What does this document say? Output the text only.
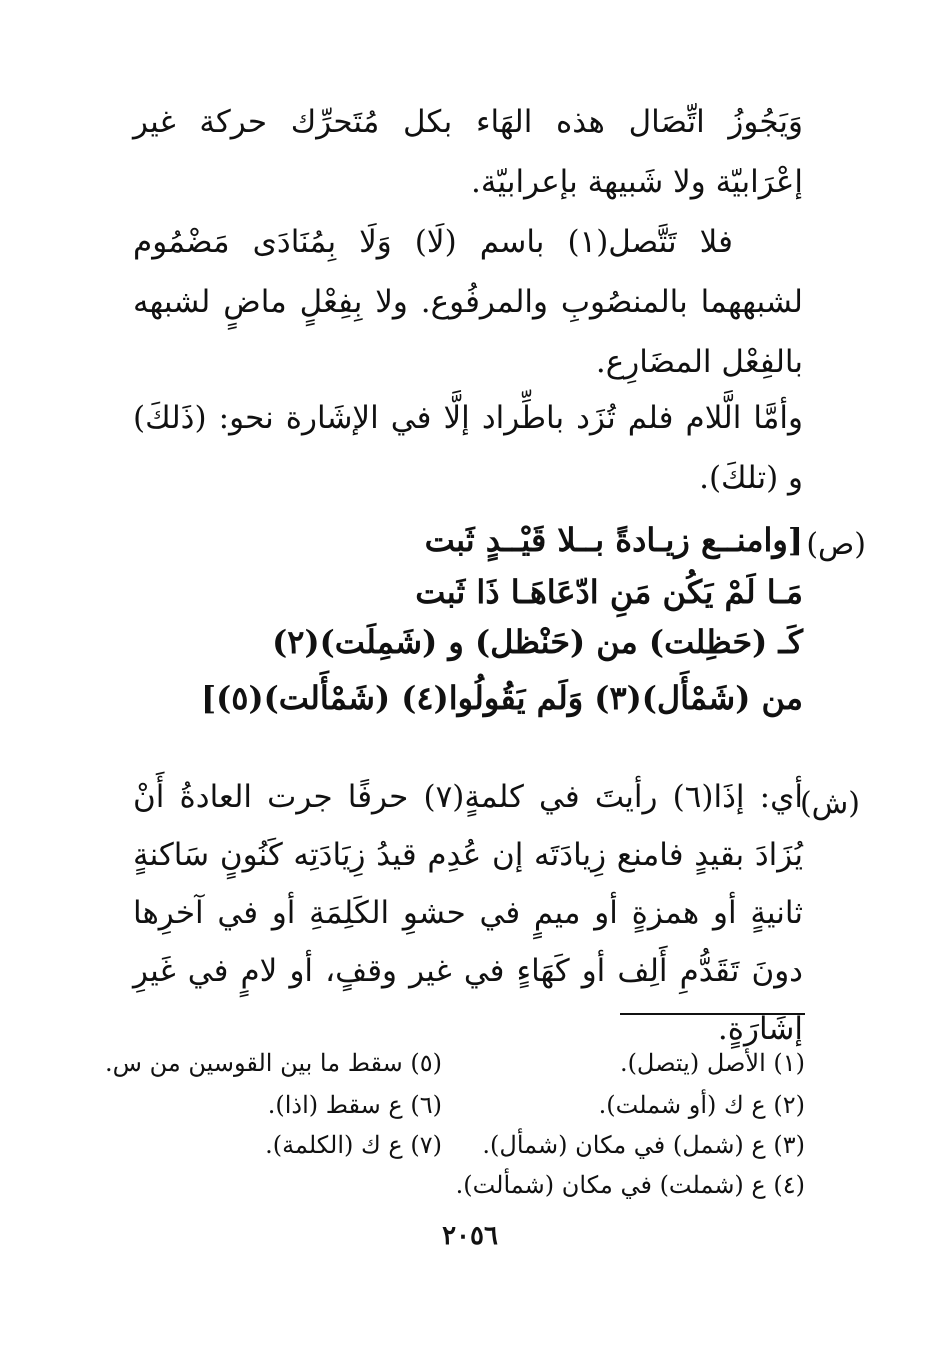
وَيَجُوزُ اتِّصَال هذه الهَاء بكل مُتَحرِّك حركة غير إعْرَابيّة ولا شَبيهة بإعرابيّة.
فلا تَتَّصل(١) باسم (لَا) وَلَا بِمُنَادَى مَضْمُوم لشبههما بالمنصُوبِ والمرفُوع. ولا بِفِعْلٍ ماضٍ لشبهه بالفِعْل المضَارِع.
وأمَّا الَّلام فلم تُزَد باطِّراد إلَّا في الإشَارة نحو: (ذَلكَ) و (تلكَ).
(ص)
[وامنــع زيـادةً بــلا قَيْــدٍ ثَبت
مَـا لَمْ يَكُن مَنِ ادّعَاهَـا ذَا ثَبت
كَـ (حَظِلت) من (حَنْظل) و (شَمِلَت)(٢)
من (شَمْأَل)(٣) وَلَم يَقُولُوا(٤) (شَمْأَلت)(٥)]
(ش)
أي: إذَا(٦) رأيتَ في كلمةٍ(٧) حرفًا جرت العادةُ أَنْ يُزَادَ بقيدٍ فامنع زِيادَتَه إن عُدِم قيدُ زِيَادَتِه كَنُونٍ سَاكنةٍ ثانيةٍ أو همزةٍ أو ميمٍ في حشوِ الكَلِمَةِ أو في آخرِها دونَ تَقَدُّمِ أَلِف أو كَهَاءٍ في غير وقفٍ، أو لامٍ في غَيرِ إشَارَةٍ.
(١) الأصل (يتصل).
(٢) ع ك (أو شملت).
(٣) ع (شمل) في مكان (شمأل).
(٤) ع (شملت) في مكان (شمألت).
(٥) سقط ما بين القوسين من س.
(٦) ع سقط (اذا).
(٧) ع ك (الكلمة).
٢٠٥٦
